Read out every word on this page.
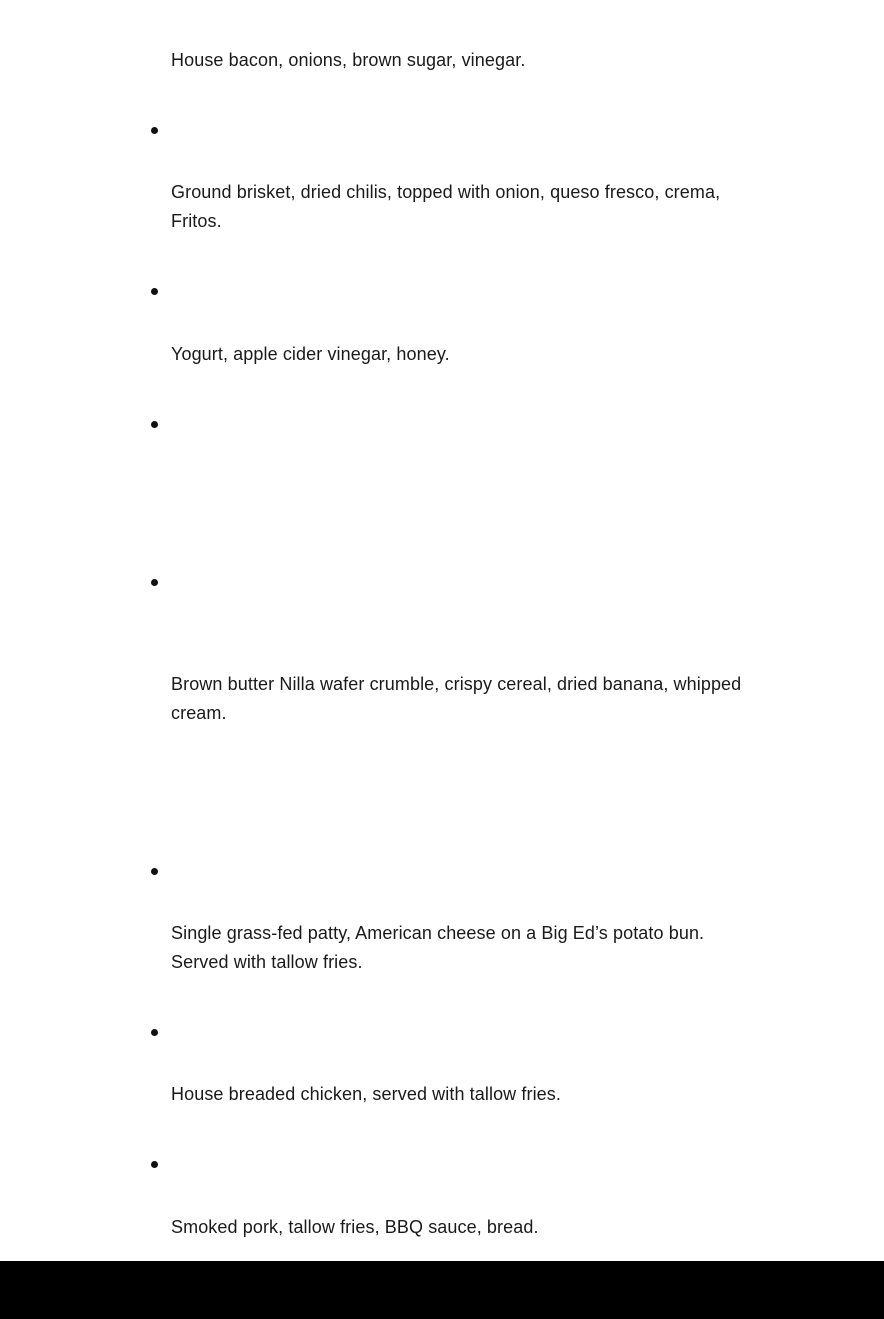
House bacon, onions, brown sugar, vinegar.

Ground brisket, dried chilis, topped with onion, queso fresco, crema, Fritos.

Yogurt, apple cider vinegar, honey.

Brown butter Nilla wafer crumble, crispy cereal, dried banana, whipped cream.

Single grass-fed patty, American cheese on a Big Ed’s potato bun. Served with tallow fries.

House breaded chicken, served with tallow fries.

Smoked pork, tallow fries, BBQ sauce, bread.
